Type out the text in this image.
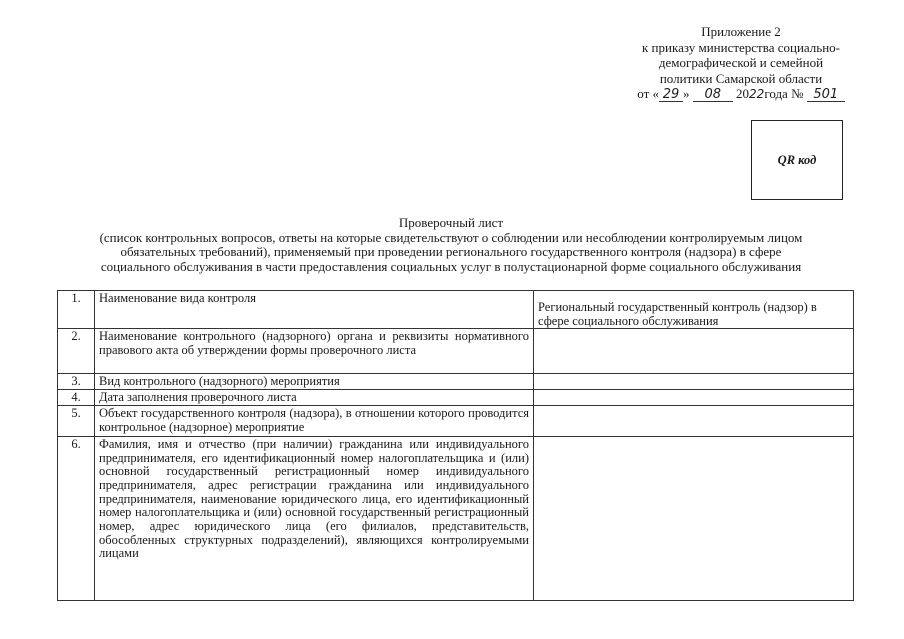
Приложение 2
к приказу министерства социально-
демографической и семейной
политики Самарской области
от « 29 » 08 2022года № 501
QR код
Проверочный лист
(список контрольных вопросов, ответы на которые свидетельствуют о соблюдении или несоблюдении контролируемым лицом
обязательных требований), применяемый при проведении регионального государственного контроля (надзора) в сфере
социального обслуживания в части предоставления социальных услуг в полустационарной форме социального обслуживания
1.	Наименование вида контроля	Региональный государственный контроль (надзор) в сфере социального обслуживания

2.	Наименование контрольного (надзорного) органа и реквизиты нормативного правового акта об утверждении формы проверочного листа	
3.	Вид контрольного (надзорного) мероприятия	
4.	Дата заполнения проверочного листа	
5.	Объект государственного контроля (надзора), в отношении которого проводится контрольное (надзорное) мероприятие	
6.	Фамилия, имя и отчество (при наличии) гражданина или индивидуального предпринимателя, его идентификационный номер налогоплательщика и (или) основной государственный регистрационный номер индивидуального предпринимателя, адрес регистрации гражданина или индивидуального предпринимателя, наименование юридического лица, его идентификационный номер налогоплательщика и (или) основной государственный регистрационный номер, адрес юридического лица (его филиалов, представительств, обособленных структурных подразделений), являющихся контролируемыми лицами	
